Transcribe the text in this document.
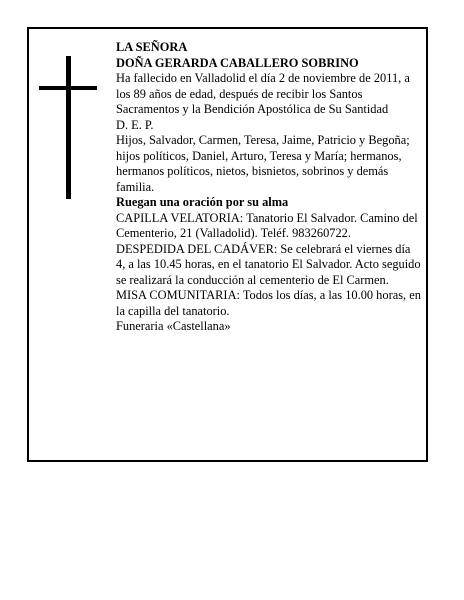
LA SEÑORA

DOÑA GERARDA CABALLERO SOBRINO

Ha fallecido en Valladolid el día 2 de noviembre de 2011, a los 89 años de edad, después de recibir los Santos Sacramentos y la Bendición Apostólica de Su Santidad

D. E. P.

Hijos, Salvador, Carmen, Teresa, Jaime, Patricio y Begoña; hijos políticos, Daniel, Arturo, Teresa y María; hermanos, hermanos políticos, nietos, bisnietos, sobrinos y demás familia.

Ruegan una oración por su alma

CAPILLA VELATORIA: Tanatorio El Salvador. Camino del Cementerio, 21 (Valladolid). Teléf. 983260722.

DESPEDIDA DEL CADÁVER: Se celebrará el viernes día 4, a las 10.45 horas, en el tanatorio El Salvador. Acto seguido se realizará la conducción al cementerio de El Carmen.

MISA COMUNITARIA: Todos los días, a las 10.00 horas, en la capilla del tanatorio.

Funeraria «Castellana»
